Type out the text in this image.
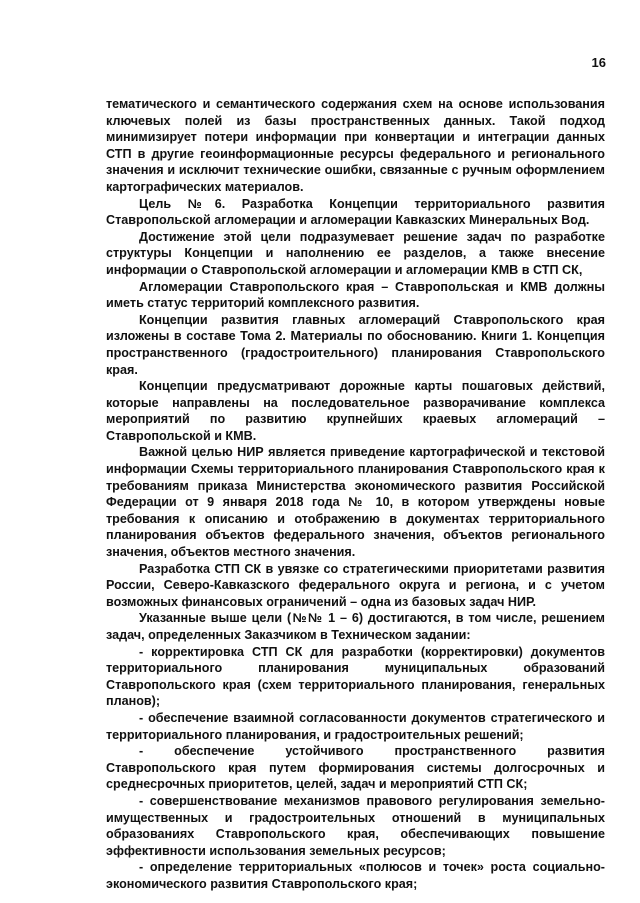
16

тематического и семантического содержания схем на основе использования ключевых полей из базы пространственных данных. Такой подход минимизирует потери информации при конвертации и интеграции данных СТП в другие геоинформационные ресурсы федерального и регионального значения и исключит технические ошибки, связанные с ручным оформлением картографических материалов.

Цель №6. Разработка Концепции территориального развития Ставропольской агломерации и агломерации Кавказских Минеральных Вод.

Достижение этой цели подразумевает решение задач по разработке структуры Концепции и наполнению ее разделов, а также внесение информации о Ставропольской агломерации и агломерации КМВ в СТП СК,

Агломерации Ставропольского края – Ставропольская и КМВ должны иметь статус территорий комплексного развития.

Концепции развития главных агломераций Ставропольского края изложены в составе Тома 2. Материалы по обоснованию. Книги 1. Концепция пространственного (градостроительного) планирования Ставропольского края.

Концепции предусматривают дорожные карты пошаговых действий, которые направлены на последовательное разворачивание комплекса мероприятий по развитию крупнейших краевых агломераций – Ставропольской и КМВ.

Важной целью НИР является приведение картографической и текстовой информации Схемы территориального планирования Ставропольского края к требованиям приказа Министерства экономического развития Российской Федерации от 9 января 2018 года № 10, в котором утверждены новые требования к описанию и отображению в документах территориального планирования объектов федерального значения, объектов регионального значения, объектов местного значения.

Разработка СТП СК в увязке со стратегическими приоритетами развития России, Северо-Кавказского федерального округа и региона, и с учетом возможных финансовых ограничений – одна из базовых задач НИР.

Указанные выше цели (№№ 1 – 6) достигаются, в том числе, решением задач, определенных Заказчиком в Техническом задании:

- корректировка СТП СК для разработки (корректировки) документов территориального планирования муниципальных образований Ставропольского края (схем территориального планирования, генеральных планов);

- обеспечение взаимной согласованности документов стратегического и территориального планирования, и градостроительных решений;

- обеспечение устойчивого пространственного развития Ставропольского края путем формирования системы долгосрочных и среднесрочных приоритетов, целей, задач и мероприятий СТП СК;

- совершенствование механизмов правового регулирования земельно-имущественных и градостроительных отношений в муниципальных образованиях Ставропольского края, обеспечивающих повышение эффективности использования земельных ресурсов;

- определение территориальных «полюсов и точек» роста социально-экономического развития Ставропольского края;
